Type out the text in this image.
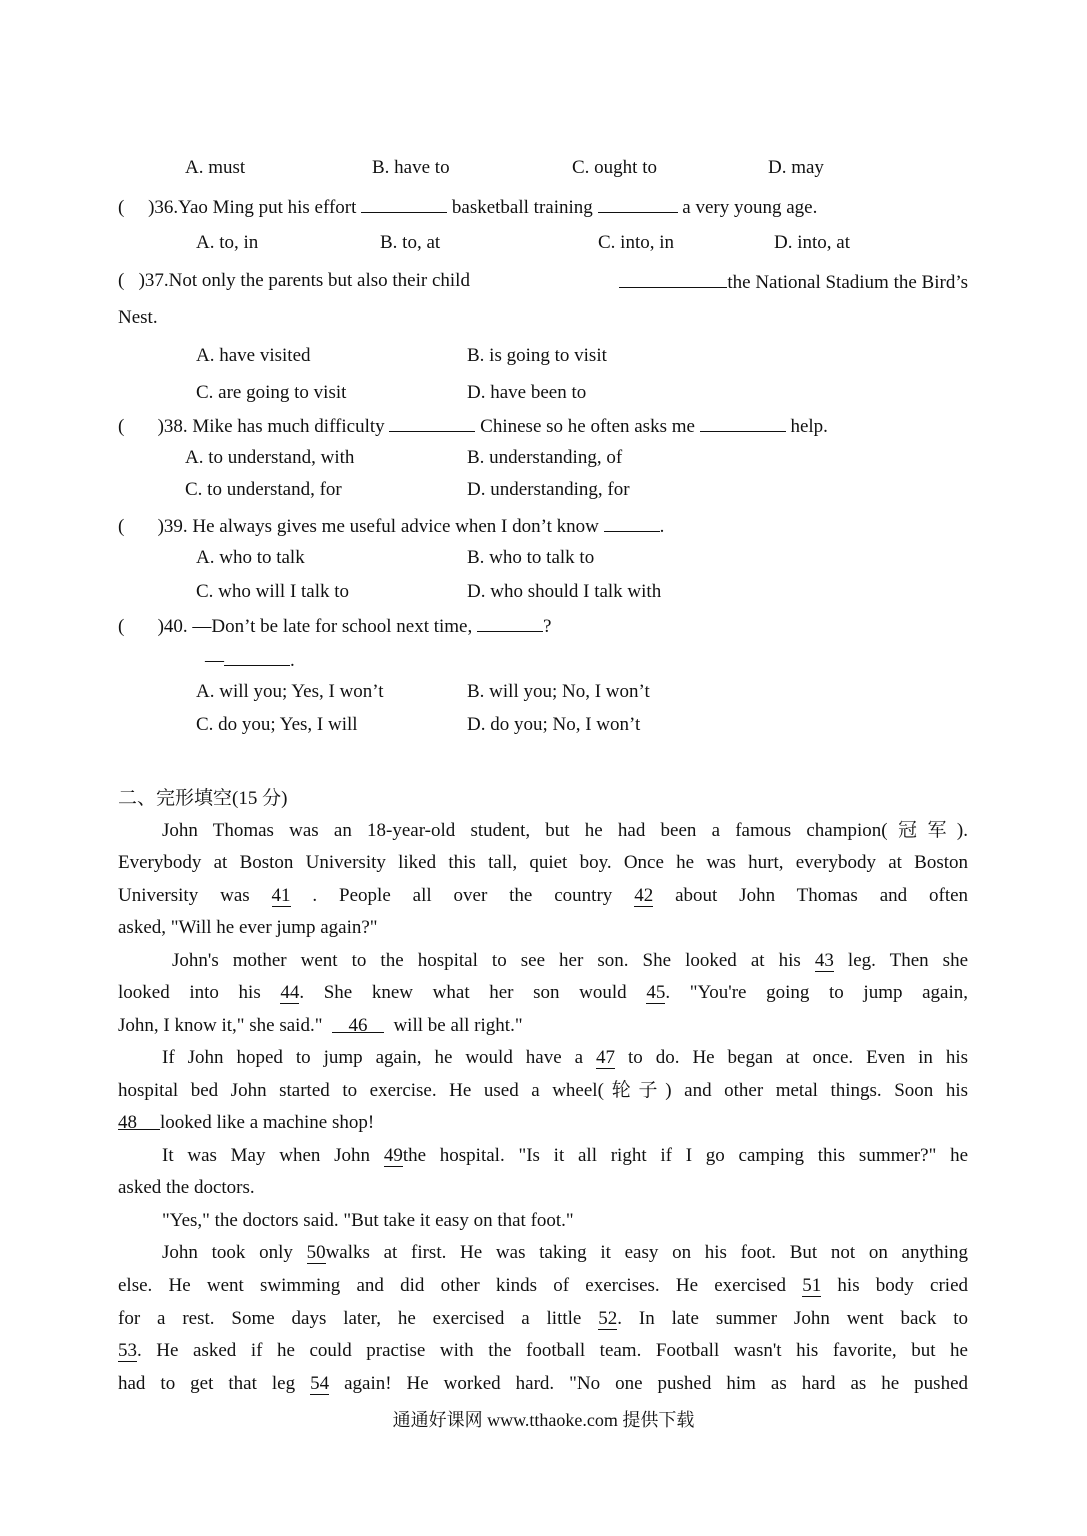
A. must	B. have to	C. ought to	D. may
(     )36.Yao Ming put his effort	basketball training	a very young age.
A. to, in	B. to, at	C. into, in	D. into, at
(   )37.Not only the parents but also their child	the National Stadium the Bird’s
Nest.
A. have visited	B. is going to visit
C. are going to visit	D. have been to
(       )38. Mike has much difficulty	Chinese so he often asks me	help.
A. to understand, with	B. understanding, of
C. to understand, for	D. understanding, for
(       )39. He always gives me useful advice when I don’t know	.
A. who to talk	B. who to talk to
C. who will I talk to	D. who should I talk with
(       )40. —Don’t be late for school next time,	?
—	.
A. will you; Yes, I won’t	B. will you; No, I won’t
C. do you; Yes, I will	D. do you; No, I won’t
二、完形填空(15 分)
John Thomas was an 18-year-old student, but he had been a famous champion(冠军).
Everybody at Boston University liked this tall, quiet boy. Once he was hurt, everybody at Boston
University was 41 . People all over the country 42 about John Thomas and often
asked, "Will he ever jump again?"
John's mother went to the hospital to see her son. She looked at his 43 leg. Then she
looked into his 44. She knew what her son would 45. "You're going to jump again,
John, I know it," she said." 46 will be all right."
If John hoped to jump again, he would have a 47 to do. He began at once. Even in his
hospital bed John started to exercise. He used a wheel(轮子) and other metal things. Soon his
48 looked like a machine shop!
It was May when John 49the hospital. "Is it all right if I go camping this summer?" he
asked the doctors.
"Yes," the doctors said. "But take it easy on that foot."
John took only 50walks at first. He was taking it easy on his foot. But not on anything
else. He went swimming and did other kinds of exercises. He exercised 51 his body cried
for a rest. Some days later, he exercised a little 52. In late summer John went back to
53. He asked if he could practise with the football team. Football wasn't his favorite, but he
had to get that leg 54 again! He worked hard. "No one pushed him as hard as he pushed
通通好课网 www.tthaoke.com 提供下载
